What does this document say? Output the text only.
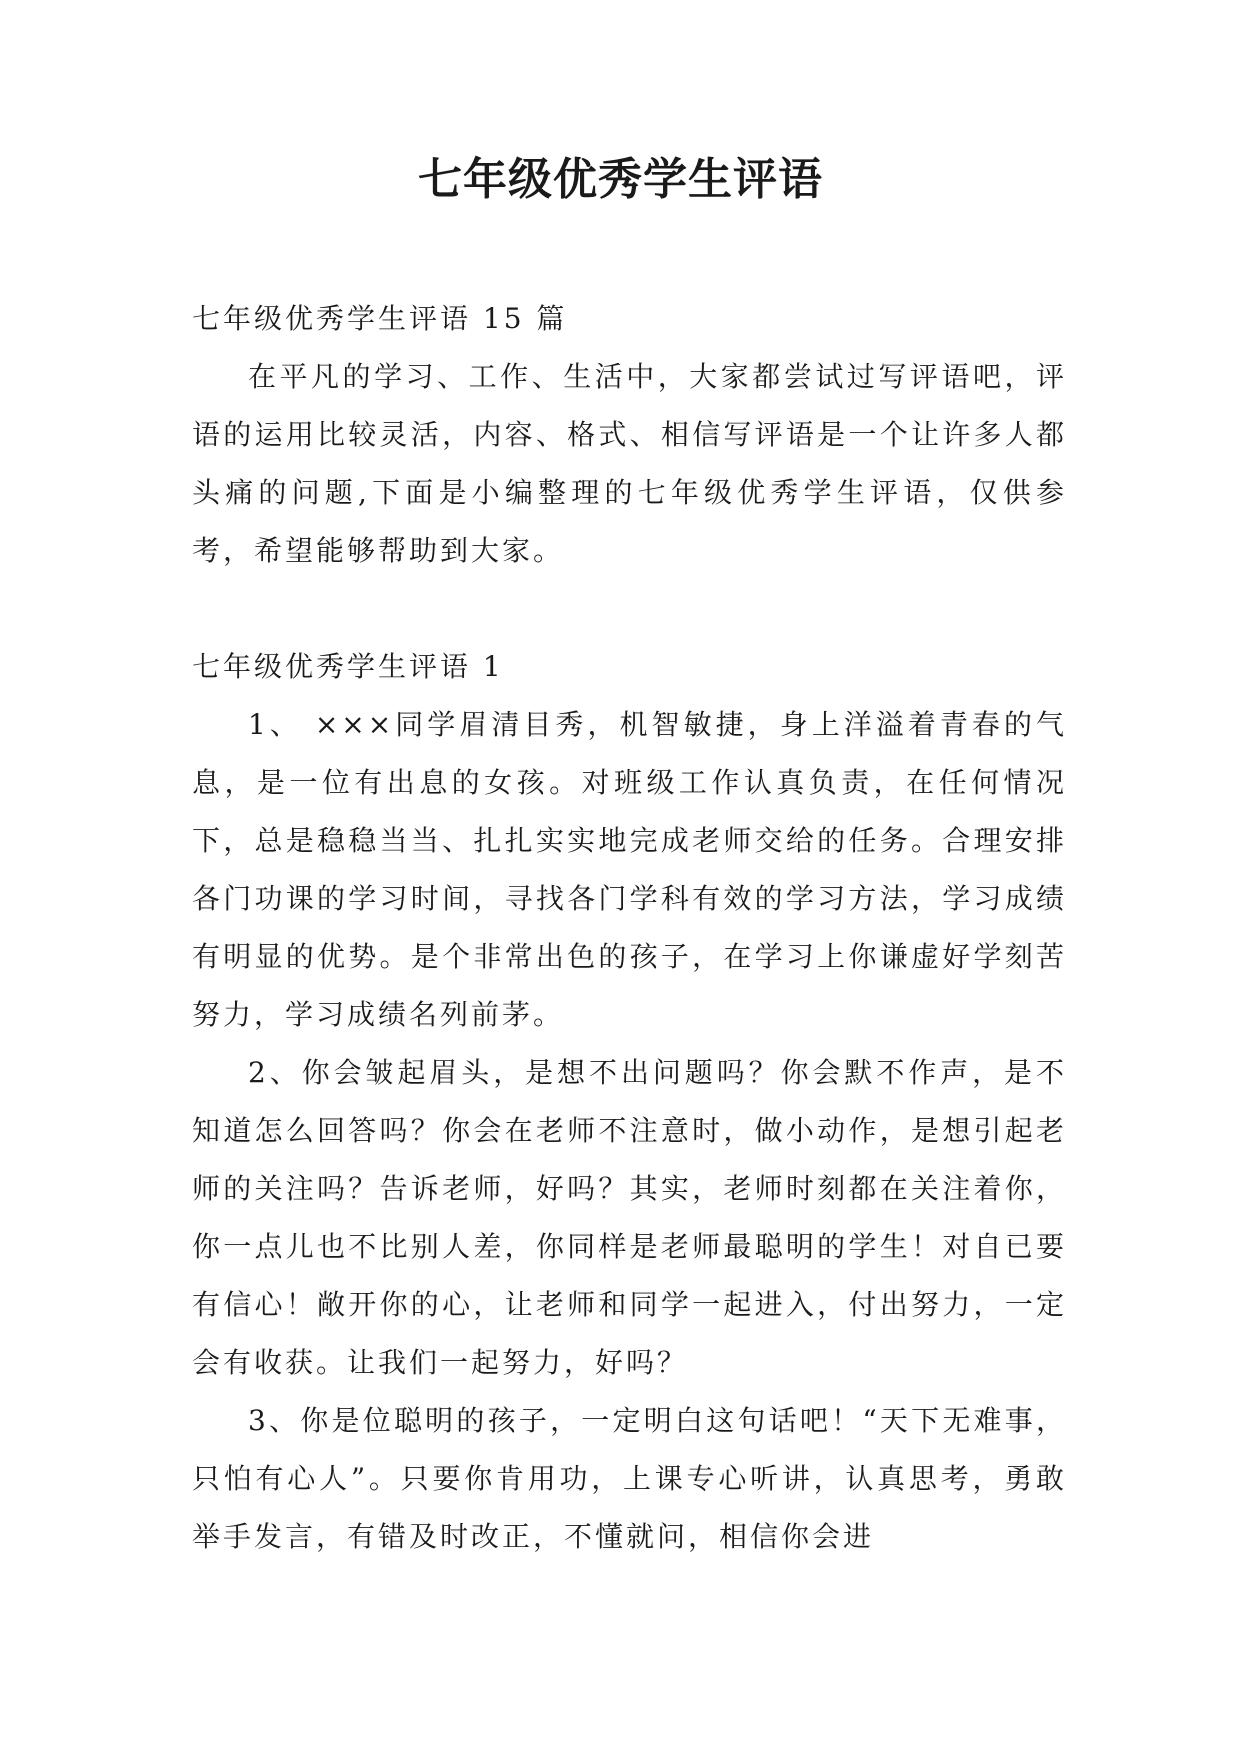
七年级优秀学生评语

七年级优秀学生评语 15 篇

在平凡的学习、工作、生活中，大家都尝试过写评语吧，评语的运用比较灵活，内容、格式、相信写评语是一个让许多人都头痛的问题,下面是小编整理的七年级优秀学生评语，仅供参考，希望能够帮助到大家。

七年级优秀学生评语 1

1、 ×××同学眉清目秀，机智敏捷，身上洋溢着青春的气息，是一位有出息的女孩。对班级工作认真负责，在任何情况下，总是稳稳当当、扎扎实实地完成老师交给的任务。合理安排各门功课的学习时间，寻找各门学科有效的学习方法，学习成绩有明显的优势。是个非常出色的孩子，在学习上你谦虚好学刻苦努力，学习成绩名列前茅。

2、你会皱起眉头，是想不出问题吗？你会默不作声，是不知道怎么回答吗？你会在老师不注意时，做小动作，是想引起老师的关注吗？告诉老师，好吗？其实，老师时刻都在关注着你，你一点儿也不比别人差，你同样是老师最聪明的学生！对自已要有信心！敞开你的心，让老师和同学一起进入，付出努力，一定会有收获。让我们一起努力，好吗？

3、你是位聪明的孩子，一定明白这句话吧！“天下无难事，只怕有心人”。只要你肯用功，上课专心听讲，认真思考，勇敢举手发言，有错及时改正，不懂就问，相信你会进
